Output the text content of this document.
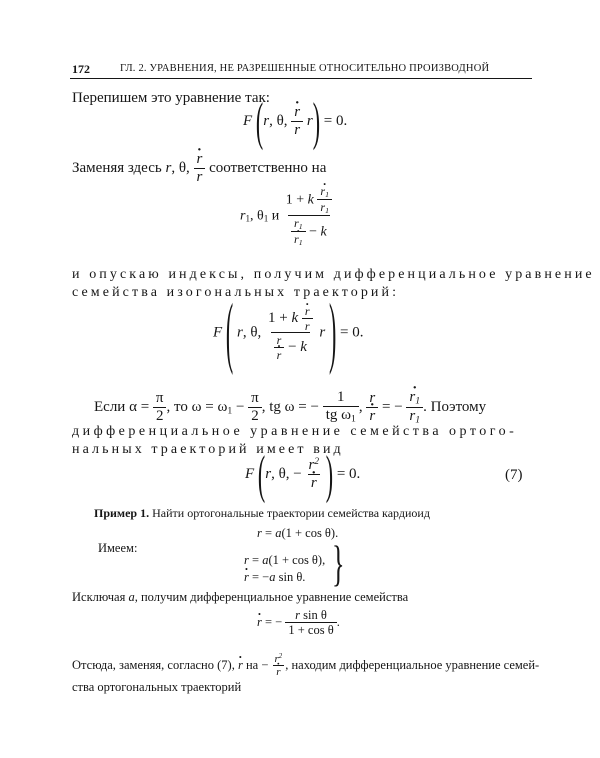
172	ГЛ. 2. УРАВНЕНИЯ, НЕ РАЗРЕШЕННЫЕ ОТНОСИТЕЛЬНО ПРОИЗВОДНОЙ
Перепишем это уравнение так:
F (r, θ,
· $\frac{r}{r} r) = 0$.
Заменяя здесь r, θ,
· $\frac{r}{r}$ соответственно на
$r_1$, $\theta_1$ и 1 + k
· $\frac{r_1}{r_1}$
$r_1$
· $r_1 - k$
и опускаю индексы, получим дифференциальное уравнение
семейства изогональных траекторий:
F ( r, θ, 1 + k
· $\frac{r}{r}$
r
· r − k r ) = 0.
Если $\alpha = \frac{\pi}{2}$ , то $\omega = \omega_1 - \frac{\pi}{2}$ , tg ω = − $\frac{1}{tg \omega_1}$ , r
· r = −
· $\frac{r_1}{r_1}$ . Поэтому
дифференциальное уравнение семейства ортого-
нальных траекторий имеет вид
F (r, θ, − $r^2$
· r ) = 0.	(7)
Пример 1. Найти ортогональные траектории семейства кардиоид
r = a(1 + cos θ).
Имеем:
r = a(1 + cos θ),
· r = −a sin θ.	}
Исключая a, получим дифференциальное уравнение семейства
· r = − $\frac{\text{r sin θ}}{\text{1 + cos θ}}$ .
Отсюда, заменяя, согласно (7), · r на − $r^2$
· r , находим дифференциальное уравнение семей-
ства ортогональных траекторий
